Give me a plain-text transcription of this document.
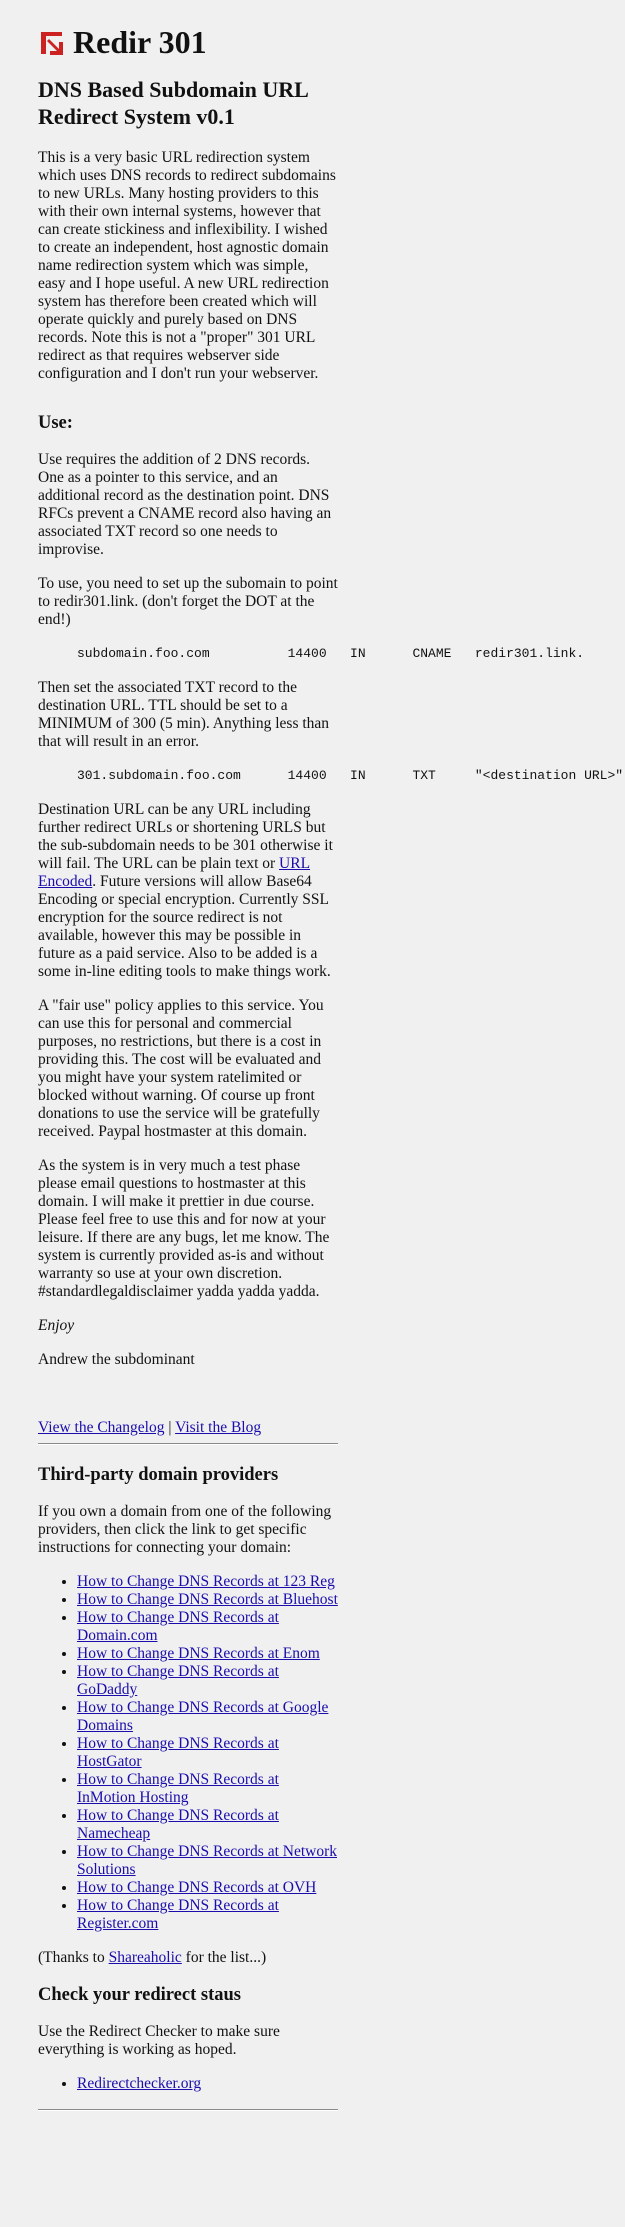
Redir 301
DNS Based Subdomain URL Redirect System v0.1

This is a very basic URL redirection system which uses DNS records to redirect subdomains to new URLs. Many hosting providers to this with their own internal systems, however that can create stickiness and inflexibility. I wished to create an independent, host agnostic domain name redirection system which was simple, easy and I hope useful. A new URL redirection system has therefore been created which will operate quickly and purely based on DNS records. Note this is not a "proper" 301 URL redirect as that requires webserver side configuration and I don't run your webserver.

Use:

Use requires the addition of 2 DNS records. One as a pointer to this service, and an additional record as the destination point. DNS RFCs prevent a CNAME record also having an associated TXT record so one needs to improvise.

To use, you need to set up the subomain to point to redir301.link. (don't forget the DOT at the end!)

subdomain.foo.com          14400   IN      CNAME   redir301.link.

Then set the associated TXT record to the destination URL. TTL should be set to a MINIMUM of 300 (5 min). Anything less than that will result in an error.

301.subdomain.foo.com      14400   IN      TXT     "<destination URL>"

Destination URL can be any URL including further redirect URLs or shortening URLS but the sub-subdomain needs to be 301 otherwise it will fail. The URL can be plain text or URL Encoded. Future versions will allow Base64 Encoding or special encryption. Currently SSL encryption for the source redirect is not available, however this may be possible in future as a paid service. Also to be added is a some in-line editing tools to make things work.

A "fair use" policy applies to this service. You can use this for personal and commercial purposes, no restrictions, but there is a cost in providing this. The cost will be evaluated and you might have your system ratelimited or blocked without warning. Of course up front donations to use the service will be gratefully received. Paypal hostmaster at this domain.

As the system is in very much a test phase please email questions to hostmaster at this domain. I will make it prettier in due course. Please feel free to use this and for now at your leisure. If there are any bugs, let me know. The system is currently provided as-is and without warranty so use at your own discretion. #standardlegaldisclaimer yadda yadda yadda.

Enjoy

Andrew the subdominant

View the Changelog | Visit the Blog

Third-party domain providers

If you own a domain from one of the following providers, then click the link to get specific instructions for connecting your domain:

• How to Change DNS Records at 123 Reg
• How to Change DNS Records at Bluehost
• How to Change DNS Records at Domain.com
• How to Change DNS Records at Enom
• How to Change DNS Records at GoDaddy
• How to Change DNS Records at Google Domains
• How to Change DNS Records at HostGator
• How to Change DNS Records at InMotion Hosting
• How to Change DNS Records at Namecheap
• How to Change DNS Records at Network Solutions
• How to Change DNS Records at OVH
• How to Change DNS Records at Register.com

(Thanks to Shareaholic for the list...)

Check your redirect staus

Use the Redirect Checker to make sure everything is working as hoped.

• Redirectchecker.org
